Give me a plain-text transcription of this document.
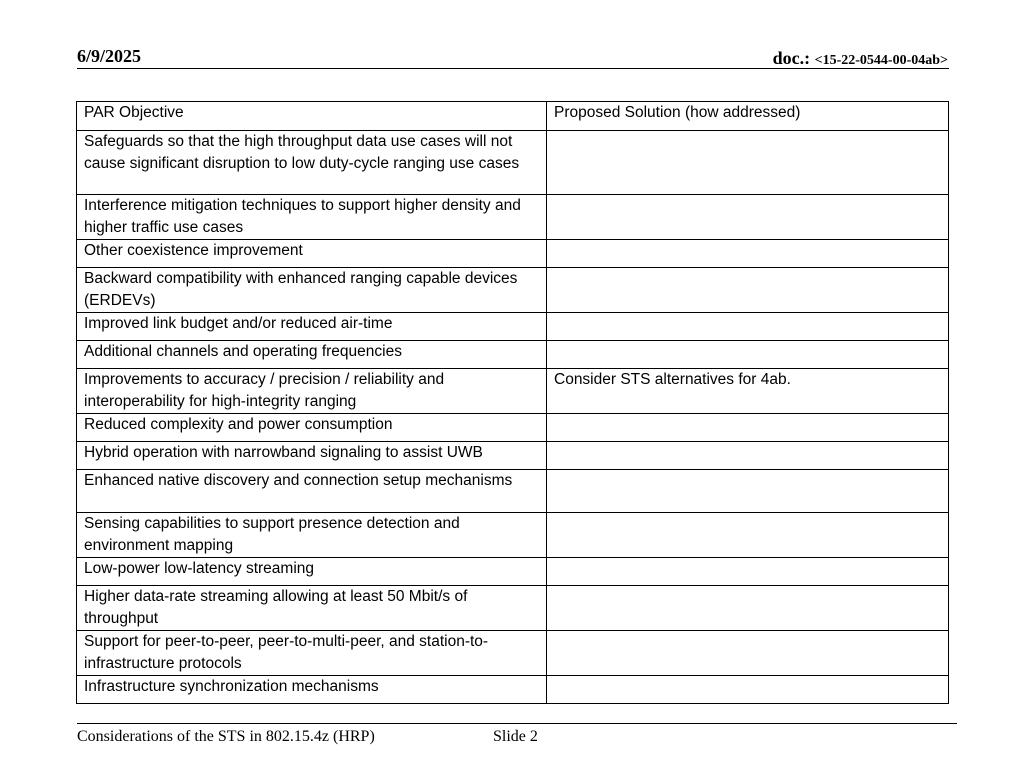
6/9/2025	doc.: <15-22-0544-00-04ab>
PAR Objective	Proposed Solution (how addressed)
Safeguards so that the high throughput data use cases will not cause significant disruption to low duty-cycle ranging use cases	
Interference mitigation techniques to support higher density and higher traffic use cases	
Other coexistence improvement	
Backward compatibility with enhanced ranging capable devices (ERDEVs)	
Improved link budget and/or reduced air-time	
Additional channels and operating frequencies	
Improvements to accuracy / precision / reliability and interoperability for high-integrity ranging	Consider STS alternatives for 4ab.
Reduced complexity and power consumption	
Hybrid operation with narrowband signaling to assist UWB	
Enhanced native discovery and connection setup mechanisms	
Sensing capabilities to support presence detection and environment mapping	
Low-power low-latency streaming	
Higher data-rate streaming allowing at least 50 Mbit/s of throughput	
Support for peer-to-peer, peer-to-multi-peer, and station-to-infrastructure protocols	
Infrastructure synchronization mechanisms	
Considerations of the STS in 802.15.4z (HRP)	Slide 2
